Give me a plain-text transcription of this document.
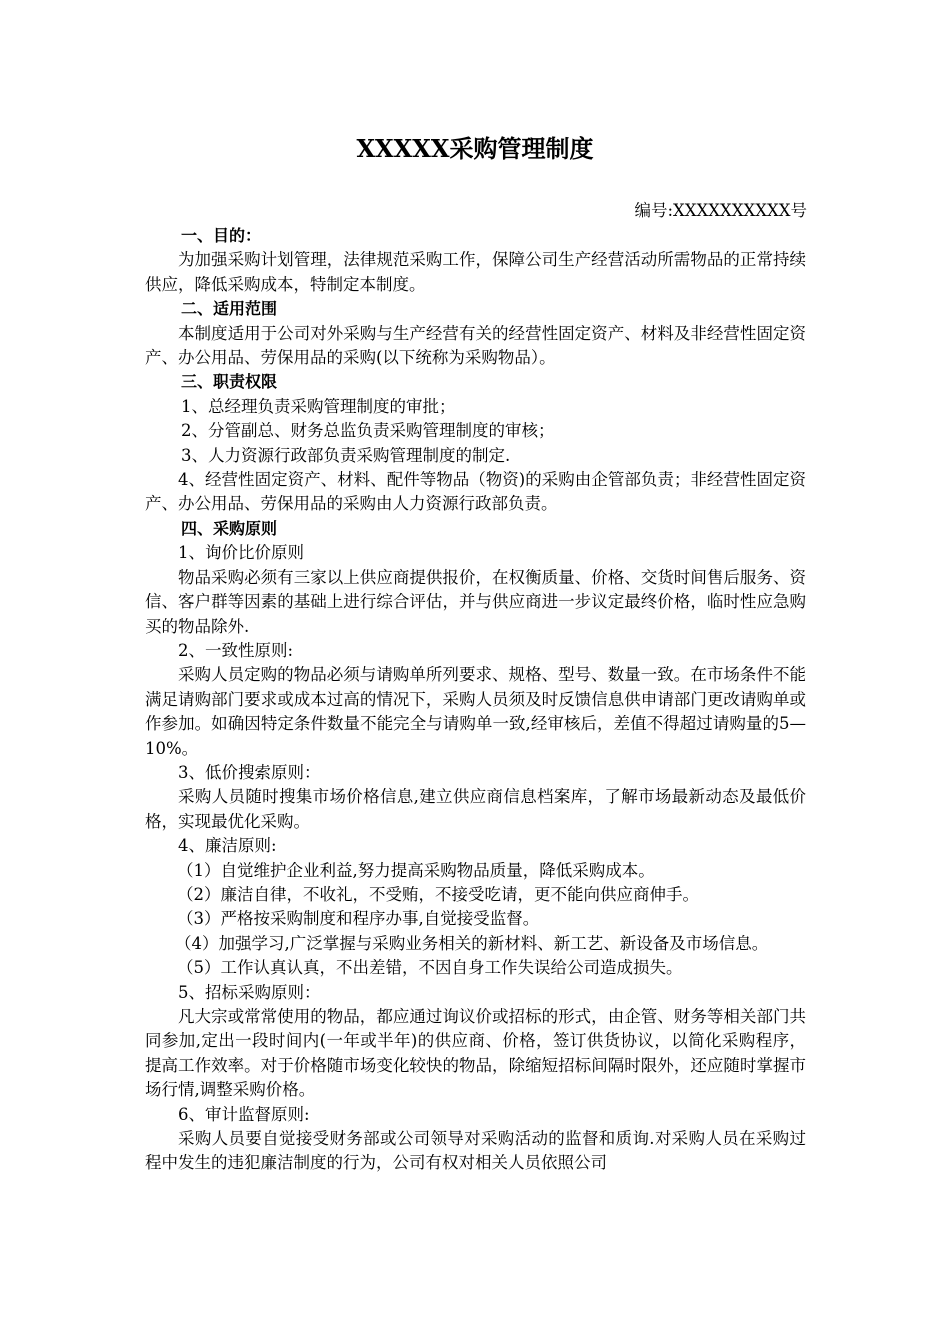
XXXXX采购管理制度
编号:XXXXXXXXXX号

一、目的：

为加强采购计划管理，法律规范采购工作，保障公司生产经营活动所需物品的正常持续供应，降低采购成本，特制定本制度。

二、适用范围

本制度适用于公司对外采购与生产经营有关的经营性固定资产、材料及非经营性固定资产、办公用品、劳保用品的采购(以下统称为采购物品）。

三、职责权限

1、总经理负责采购管理制度的审批；

2、分管副总、财务总监负责采购管理制度的审核；

3、人力资源行政部负责采购管理制度的制定.

4、经营性固定资产、材料、配件等物品（物资)的采购由企管部负责；非经营性固定资产、办公用品、劳保用品的采购由人力资源行政部负责。

四、采购原则

1、询价比价原则

物品采购必须有三家以上供应商提供报价，在权衡质量、价格、交货时间售后服务、资信、客户群等因素的基础上进行综合评估，并与供应商进一步议定最终价格，临时性应急购买的物品除外.

2、一致性原则:

采购人员定购的物品必须与请购单所列要求、规格、型号、数量一致。在市场条件不能满足请购部门要求或成本过高的情况下，采购人员须及时反馈信息供申请部门更改请购单或作参加。如确因特定条件数量不能完全与请购单一致,经审核后，差值不得超过请购量的5—10%。

3、低价搜索原则：

采购人员随时搜集市场价格信息,建立供应商信息档案库，了解市场最新动态及最低价格，实现最优化采购。

4、廉洁原则:

（1）自觉维护企业利益,努力提高采购物品质量，降低采购成本。

（2）廉洁自律，不收礼，不受贿，不接受吃请，更不能向供应商伸手。

（3）严格按采购制度和程序办事,自觉接受监督。

（4）加强学习,广泛掌握与采购业务相关的新材料、新工艺、新设备及市场信息。

（5）工作认真认真，不出差错，不因自身工作失误给公司造成损失。

5、招标采购原则：

凡大宗或常常使用的物品，都应通过询议价或招标的形式，由企管、财务等相关部门共同参加,定出一段时间内(一年或半年)的供应商、价格，签订供货协议，以简化采购程序，提高工作效率。对于价格随市场变化较快的物品，除缩短招标间隔时限外，还应随时掌握市场行情,调整采购价格。

6、审计监督原则:

采购人员要自觉接受财务部或公司领导对采购活动的监督和质询.对采购人员在采购过程中发生的违犯廉洁制度的行为，公司有权对相关人员依照公司
